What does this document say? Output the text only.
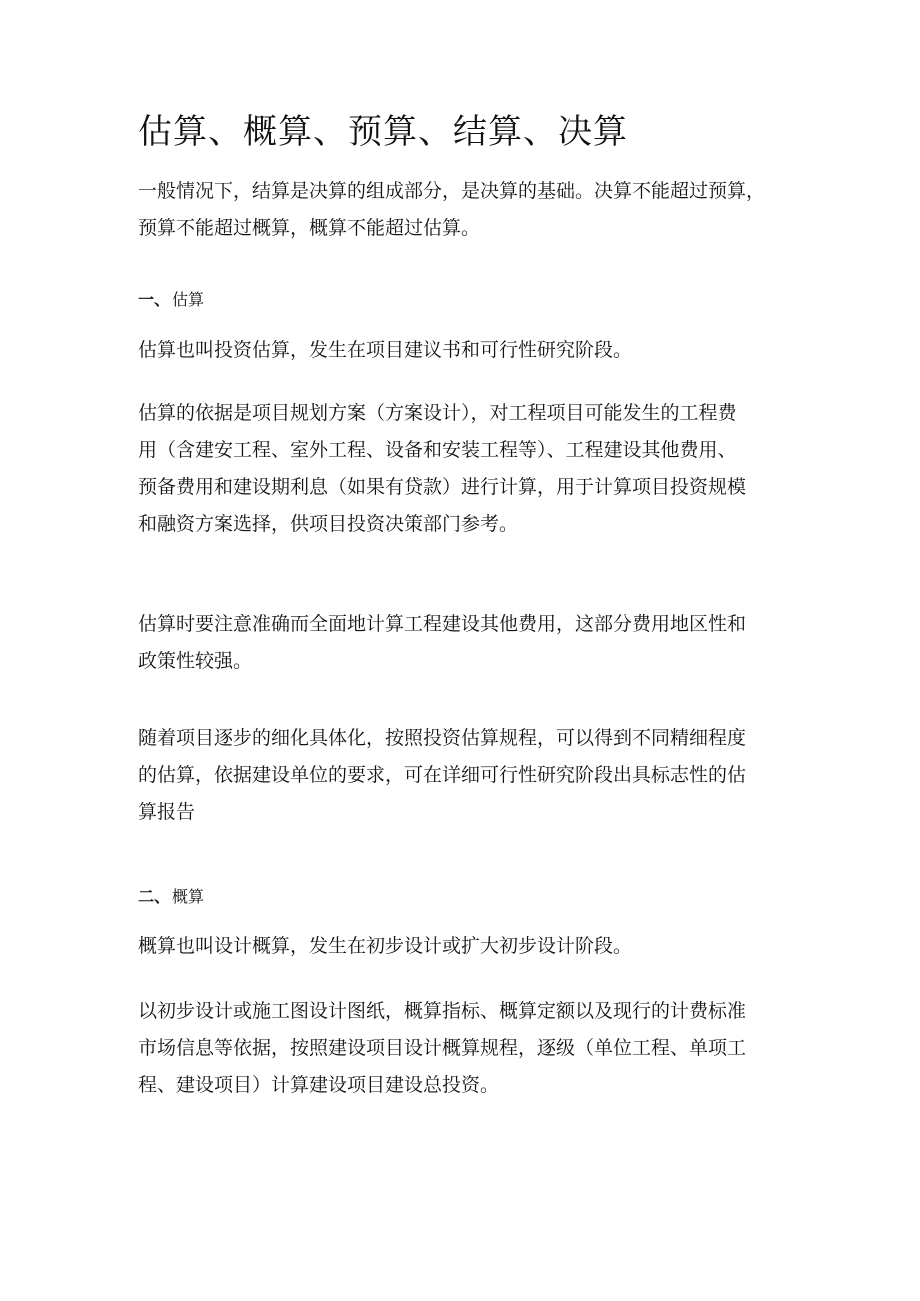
估算、概算、预算、结算、决算

一般情况下，结算是决算的组成部分，是决算的基础。决算不能超过预算，
预算不能超过概算，概算不能超过估算。

一、 估算

估算也叫投资估算，发生在项目建议书和可行性研究阶段。

估算的依据是项目规划方案（方案设计），对工程项目可能发生的工程费
用（含建安工程、室外工程、设备和安装工程等）、工程建设其他费用、
预备费用和建设期利息（如果有贷款）进行计算，用于计算项目投资规模
和融资方案选择，供项目投资决策部门参考。

估算时要注意准确而全面地计算工程建设其他费用，这部分费用地区性和
政策性较强。

随着项目逐步的细化具体化，按照投资估算规程，可以得到不同精细程度
的估算，依据建设单位的要求，可在详细可行性研究阶段出具标志性的估
算报告

二、 概算

概算也叫设计概算，发生在初步设计或扩大初步设计阶段。

以初步设计或施工图设计图纸，概算指标、概算定额以及现行的计费标准
市场信息等依据，按照建设项目设计概算规程，逐级（单位工程、单项工
程、建设项目）计算建设项目建设总投资。
